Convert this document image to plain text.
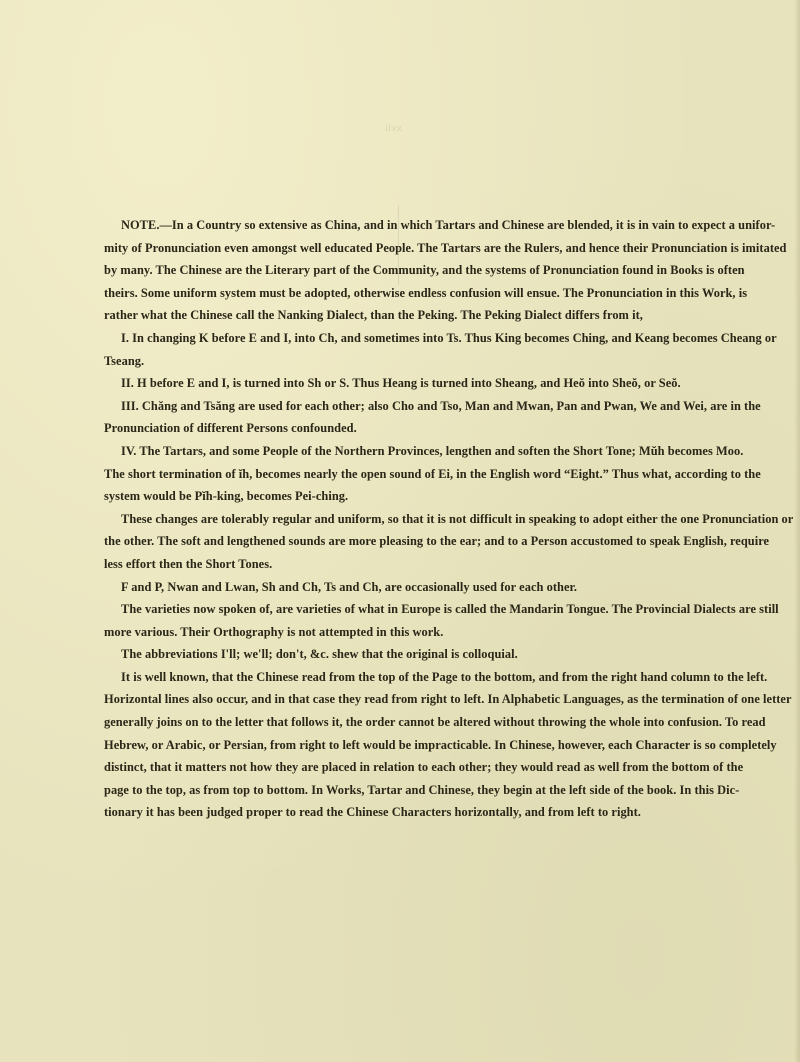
xvii
NOTE.—In a Country so extensive as China, and in which Tartars and Chinese are blended, it is in vain to expect a unifor-
mity of Pronunciation even amongst well educated People. The Tartars are the Rulers, and hence their Pronunciation is imitated
by many. The Chinese are the Literary part of the Community, and the systems of Pronunciation found in Books is often
theirs. Some uniform system must be adopted, otherwise endless confusion will ensue. The Pronunciation in this Work, is
rather what the Chinese call the Nanking Dialect, than the Peking. The Peking Dialect differs from it,
I. In changing K before E and I, into Ch, and sometimes into Ts. Thus King becomes Ching, and Keang becomes Cheang or
Tseang.
II. H before E and I, is turned into Sh or S. Thus Heang is turned into Sheang, and Heŏ into Sheŏ, or Seŏ.
III. Chăng and Tsăng are used for each other; also Cho and Tso, Man and Mwan, Pan and Pwan, We and Wei, are in the
Pronunciation of different Persons confounded.
IV. The Tartars, and some People of the Northern Provinces, lengthen and soften the Short Tone; Mŭh becomes Moo.
The short termination of ĭh, becomes nearly the open sound of Ei, in the English word “Eight.” Thus what, according to the
system would be Pĭh-king, becomes Pei-ching.
These changes are tolerably regular and uniform, so that it is not difficult in speaking to adopt either the one Pronunciation or
the other. The soft and lengthened sounds are more pleasing to the ear; and to a Person accustomed to speak English, require
less effort then the Short Tones.
F and P, Nwan and Lwan, Sh and Ch, Ts and Ch, are occasionally used for each other.
The varieties now spoken of, are varieties of what in Europe is called the Mandarin Tongue. The Provincial Dialects are still
more various. Their Orthography is not attempted in this work.
The abbreviations I'll; we'll; don't, &c. shew that the original is colloquial.
It is well known, that the Chinese read from the top of the Page to the bottom, and from the right hand column to the left.
Horizontal lines also occur, and in that case they read from right to left. In Alphabetic Languages, as the termination of one letter
generally joins on to the letter that follows it, the order cannot be altered without throwing the whole into confusion. To read
Hebrew, or Arabic, or Persian, from right to left would be impracticable. In Chinese, however, each Character is so completely
distinct, that it matters not how they are placed in relation to each other; they would read as well from the bottom of the
page to the top, as from top to bottom. In Works, Tartar and Chinese, they begin at the left side of the book. In this Dic-
tionary it has been judged proper to read the Chinese Characters horizontally, and from left to right.
